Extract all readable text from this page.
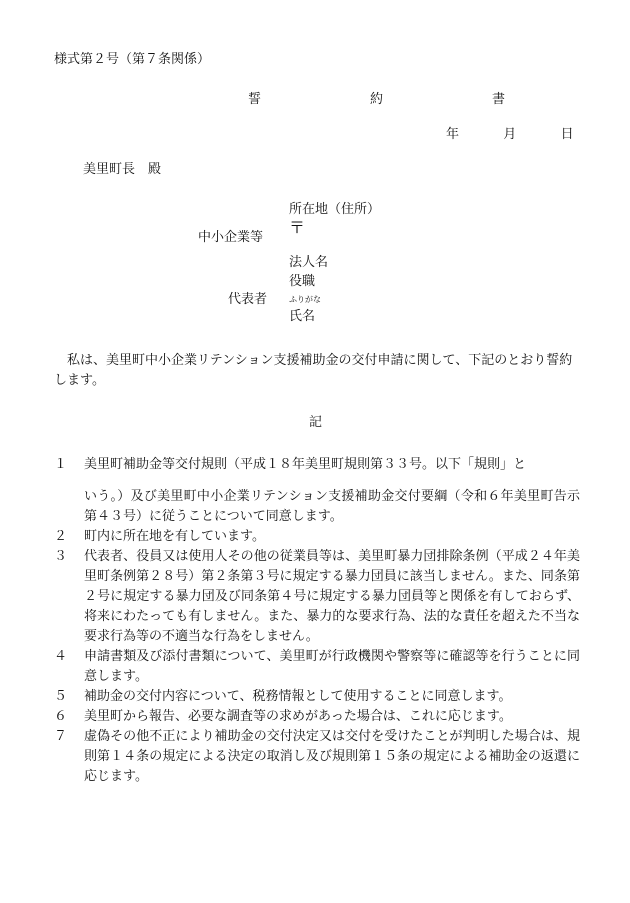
様式第２号（第７条関係）
誓　約　書
年	月	日
美里町長　殿
中小企業等
所在地（住所）
〒
代表者
法人名
役職
ふりがな
氏名
私は、美里町中小企業リテンション支援補助金の交付申請に関して、下記のとおり誓約します。
記
１	美里町補助金等交付規則（平成１８年美里町規則第３３号。以下「規則」と
いう。）及び美里町中小企業リテンション支援補助金交付要綱（令和６年美里町告示第４３号）に従うことについて同意します。
２	町内に所在地を有しています。
３	代表者、役員又は使用人その他の従業員等は、美里町暴力団排除条例（平成２４年美里町条例第２８号）第２条第３号に規定する暴力団員に該当しません。また、同条第２号に規定する暴力団及び同条第４号に規定する暴力団員等と関係を有しておらず、将来にわたっても有しません。また、暴力的な要求行為、法的な責任を超えた不当な要求行為等の不適当な行為をしません。
４	申請書類及び添付書類について、美里町が行政機関や警察等に確認等を行うことに同意します。
５	補助金の交付内容について、税務情報として使用することに同意します。
６	美里町から報告、必要な調査等の求めがあった場合は、これに応じます。
７	虚偽その他不正により補助金の交付決定又は交付を受けたことが判明した場合は、規則第１４条の規定による決定の取消し及び規則第１５条の規定による補助金の返還に応じます。
